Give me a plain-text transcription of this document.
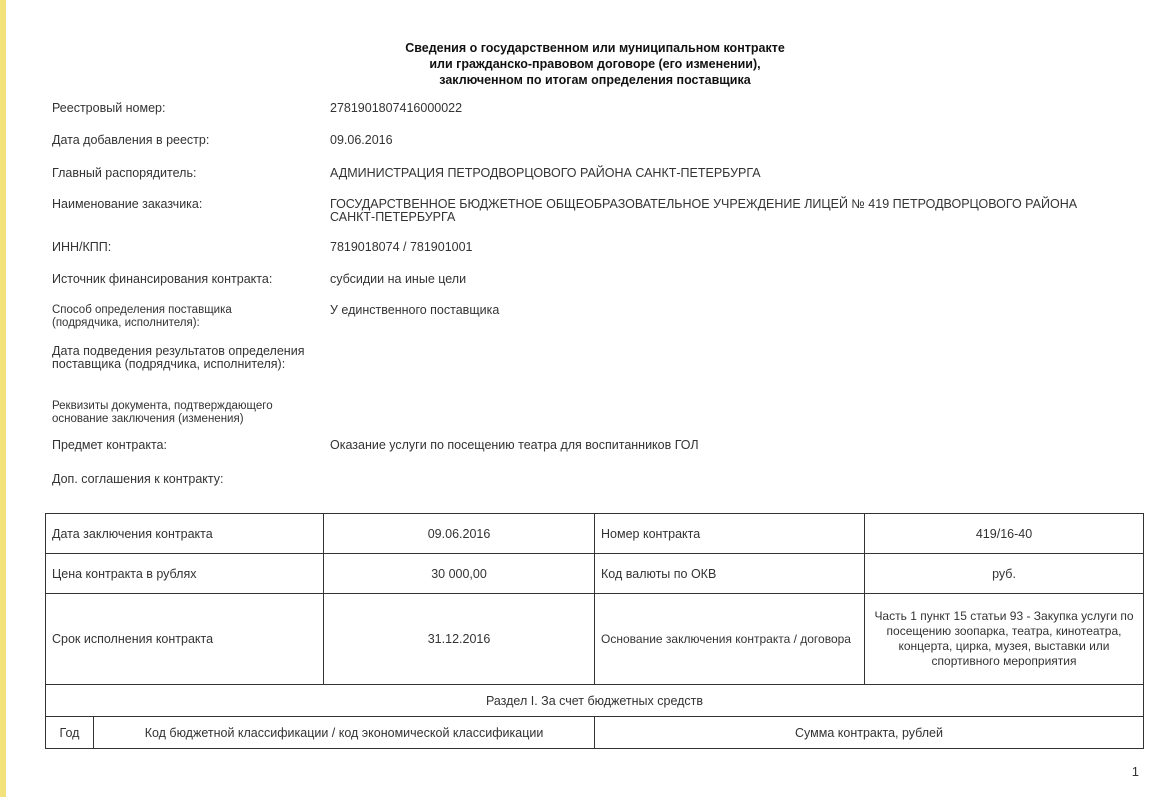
Сведения о государственном или муниципальном контракте
или гражданско-правовом договоре (его изменении),
заключенном по итогам определения поставщика
Реестровый номер:	2781901807416000022
Дата добавления в реестр:	09.06.2016
Главный распорядитель:	АДМИНИСТРАЦИЯ ПЕТРОДВОРЦОВОГО РАЙОНА САНКТ-ПЕТЕРБУРГА
Наименование заказчика:	ГОСУДАРСТВЕННОЕ БЮДЖЕТНОЕ ОБЩЕОБРАЗОВАТЕЛЬНОЕ УЧРЕЖДЕНИЕ ЛИЦЕЙ № 419 ПЕТРОДВОРЦОВОГО РАЙОНА САНКТ-ПЕТЕРБУРГА
ИНН/КПП:	7819018074 / 781901001
Источник финансирования контракта:	субсидии на иные цели
Способ определения поставщика (подрядчика, исполнителя):
У единственного поставщика
Дата подведения результатов определения поставщика (подрядчика, исполнителя):
Реквизиты документа, подтверждающего основание заключения (изменения)
Предмет контракта:	Оказание услуги по посещению театра для воспитанников ГОЛ
Доп. соглашения к контракту:
Дата заключения контракта		09.06.2016	Номер контракта	419/16-40
Цена контракта в рублях		30 000,00	Код валюты по ОКВ	руб.
Срок исполнения контракта		31.12.2016	Основание заключения контракта / договора	Часть 1 пункт 15 статьи 93 - Закупка услуги по посещению зоопарка, театра, кинотеатра, концерта, цирка, музея, выставки или спортивного мероприятия
Раздел I. За счет бюджетных средств				
Год	Код бюджетной классификации / код экономической классификации		Сумма контракта, рублей	
1
